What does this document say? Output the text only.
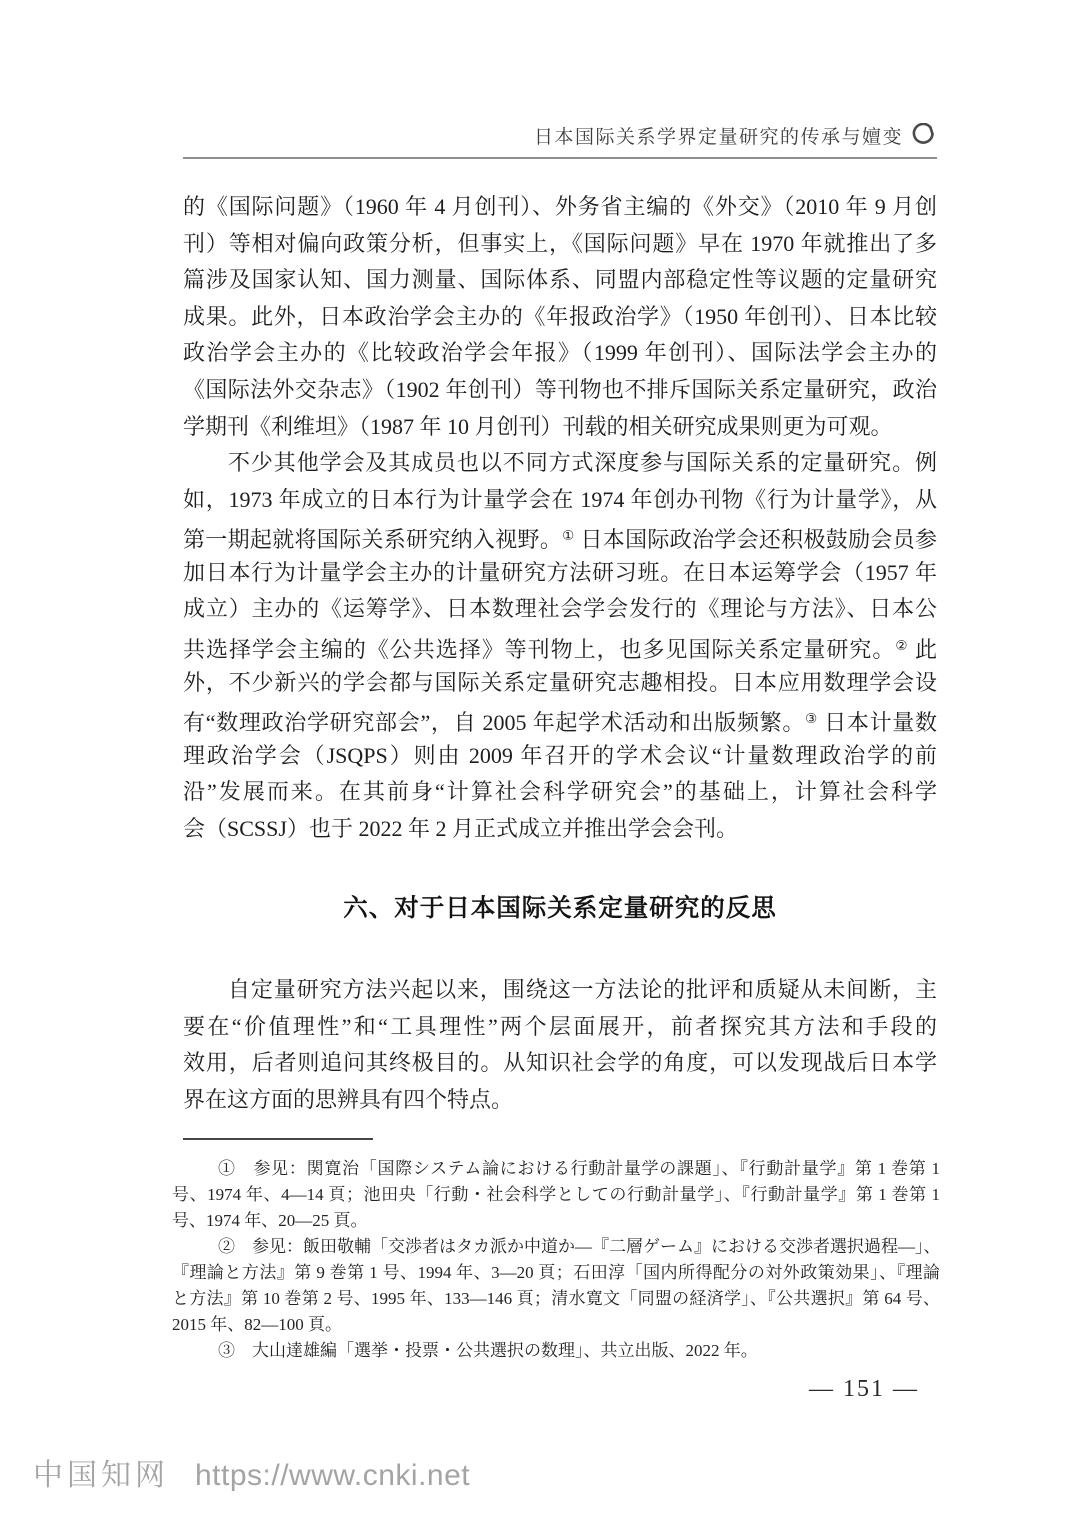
日本国际关系学界定量研究的传承与嬗变
的《国际问题》（1960 年 4 月创刊）、外务省主编的《外交》（2010 年 9 月创
刊）等相对偏向政策分析，但事实上，《国际问题》早在 1970 年就推出了多
篇涉及国家认知、国力测量、国际体系、同盟内部稳定性等议题的定量研究
成果。此外，日本政治学会主办的《年报政治学》（1950 年创刊）、日本比较
政治学会主办的《比较政治学会年报》（1999 年创刊）、国际法学会主办的
《国际法外交杂志》（1902 年创刊）等刊物也不排斥国际关系定量研究，政治
学期刊《利维坦》（1987 年 10 月创刊）刊载的相关研究成果则更为可观。
不少其他学会及其成员也以不同方式深度参与国际关系的定量研究。例
如，1973 年成立的日本行为计量学会在 1974 年创办刊物《行为计量学》，从
第一期起就将国际关系研究纳入视野。① 日本国际政治学会还积极鼓励会员参
加日本行为计量学会主办的计量研究方法研习班。在日本运筹学会（1957 年
成立）主办的《运筹学》、日本数理社会学会发行的《理论与方法》、日本公
共选择学会主编的《公共选择》等刊物上，也多见国际关系定量研究。② 此
外，不少新兴的学会都与国际关系定量研究志趣相投。日本应用数理学会设
有“数理政治学研究部会”，自 2005 年起学术活动和出版频繁。③ 日本计量数
理政治学会（JSQPS）则由 2009 年召开的学术会议“计量数理政治学的前
沿”发展而来。在其前身“计算社会科学研究会”的基础上，计算社会科学
会（SCSSJ）也于 2022 年 2 月正式成立并推出学会会刊。
六、对于日本国际关系定量研究的反思
自定量研究方法兴起以来，围绕这一方法论的批评和质疑从未间断，主
要在“价值理性”和“工具理性”两个层面展开，前者探究其方法和手段的
效用，后者则追问其终极目的。从知识社会学的角度，可以发现战后日本学
界在这方面的思辨具有四个特点。
①　参见：関寛治「国際システム論における行動計量学の課題」、『行動計量学』第 1 巻第 1
号、1974 年、4—14 頁；池田央「行動・社会科学としての行動計量学」、『行動計量学』第 1 巻第 1
号、1974 年、20—25 頁。
②　参见：飯田敬輔「交渉者はタカ派か中道か—『二層ゲーム』における交渉者選択過程—」、
『理論と方法』第 9 巻第 1 号、1994 年、3—20 頁；石田淳「国内所得配分の対外政策効果」、『理論
と方法』第 10 巻第 2 号、1995 年、133—146 頁；清水寛文「同盟の経済学」、『公共選択』第 64 号、
2015 年、82—100 頁。
③　大山達雄編「選挙・投票・公共選択の数理」、共立出版、2022 年。
— 151 —
中国知网 https://www.cnki.net
